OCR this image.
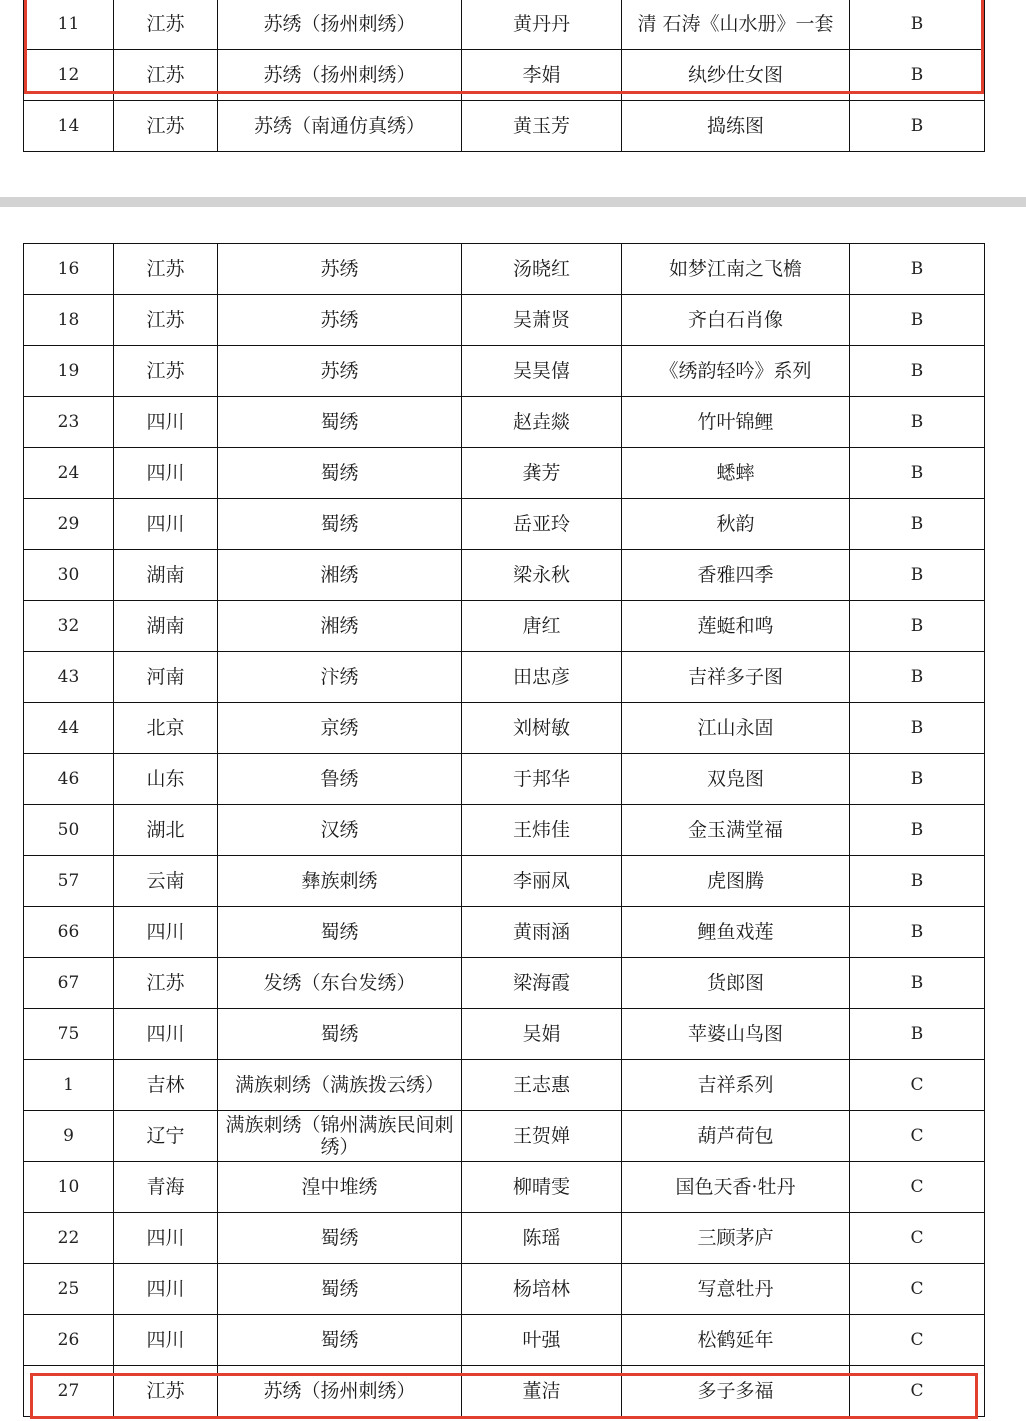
11	江苏	苏绣（扬州刺绣）	黄丹丹	清 石涛《山水册》一套	B
12	江苏	苏绣（扬州刺绣）	李娟	纨纱仕女图	B
14	江苏	苏绣（南通仿真绣）	黄玉芳	捣练图	B
16	江苏	苏绣	汤晓红	如梦江南之飞檐	B
18	江苏	苏绣	吴萧贤	齐白石肖像	B
19	江苏	苏绣	吴昊僖	《绣韵轻吟》系列	B
23	四川	蜀绣	赵垚燚	竹叶锦鲤	B
24	四川	蜀绣	龚芳	蟋蟀	B
29	四川	蜀绣	岳亚玲	秋韵	B
30	湖南	湘绣	梁永秋	香雅四季	B
32	湖南	湘绣	唐红	莲蜓和鸣	B
43	河南	汴绣	田忠彦	吉祥多子图	B
44	北京	京绣	刘树敏	江山永固	B
46	山东	鲁绣	于邦华	双凫图	B
50	湖北	汉绣	王炜佳	金玉满堂福	B
57	云南	彝族刺绣	李丽凤	虎图腾	B
66	四川	蜀绣	黄雨涵	鲤鱼戏莲	B
67	江苏	发绣（东台发绣）	梁海霞	货郎图	B
75	四川	蜀绣	吴娟	苹婆山鸟图	B
1	吉林	满族刺绣（满族拨云绣）	王志惠	吉祥系列	C
9	辽宁	满族刺绣（锦州满族民间刺绣）	王贺婵	葫芦荷包	C
10	青海	湟中堆绣	柳晴雯	国色天香·牡丹	C
22	四川	蜀绣	陈瑶	三顾茅庐	C
25	四川	蜀绣	杨培林	写意牡丹	C
26	四川	蜀绣	叶强	松鹤延年	C
27	江苏	苏绣（扬州刺绣）	董洁	多子多福	C
